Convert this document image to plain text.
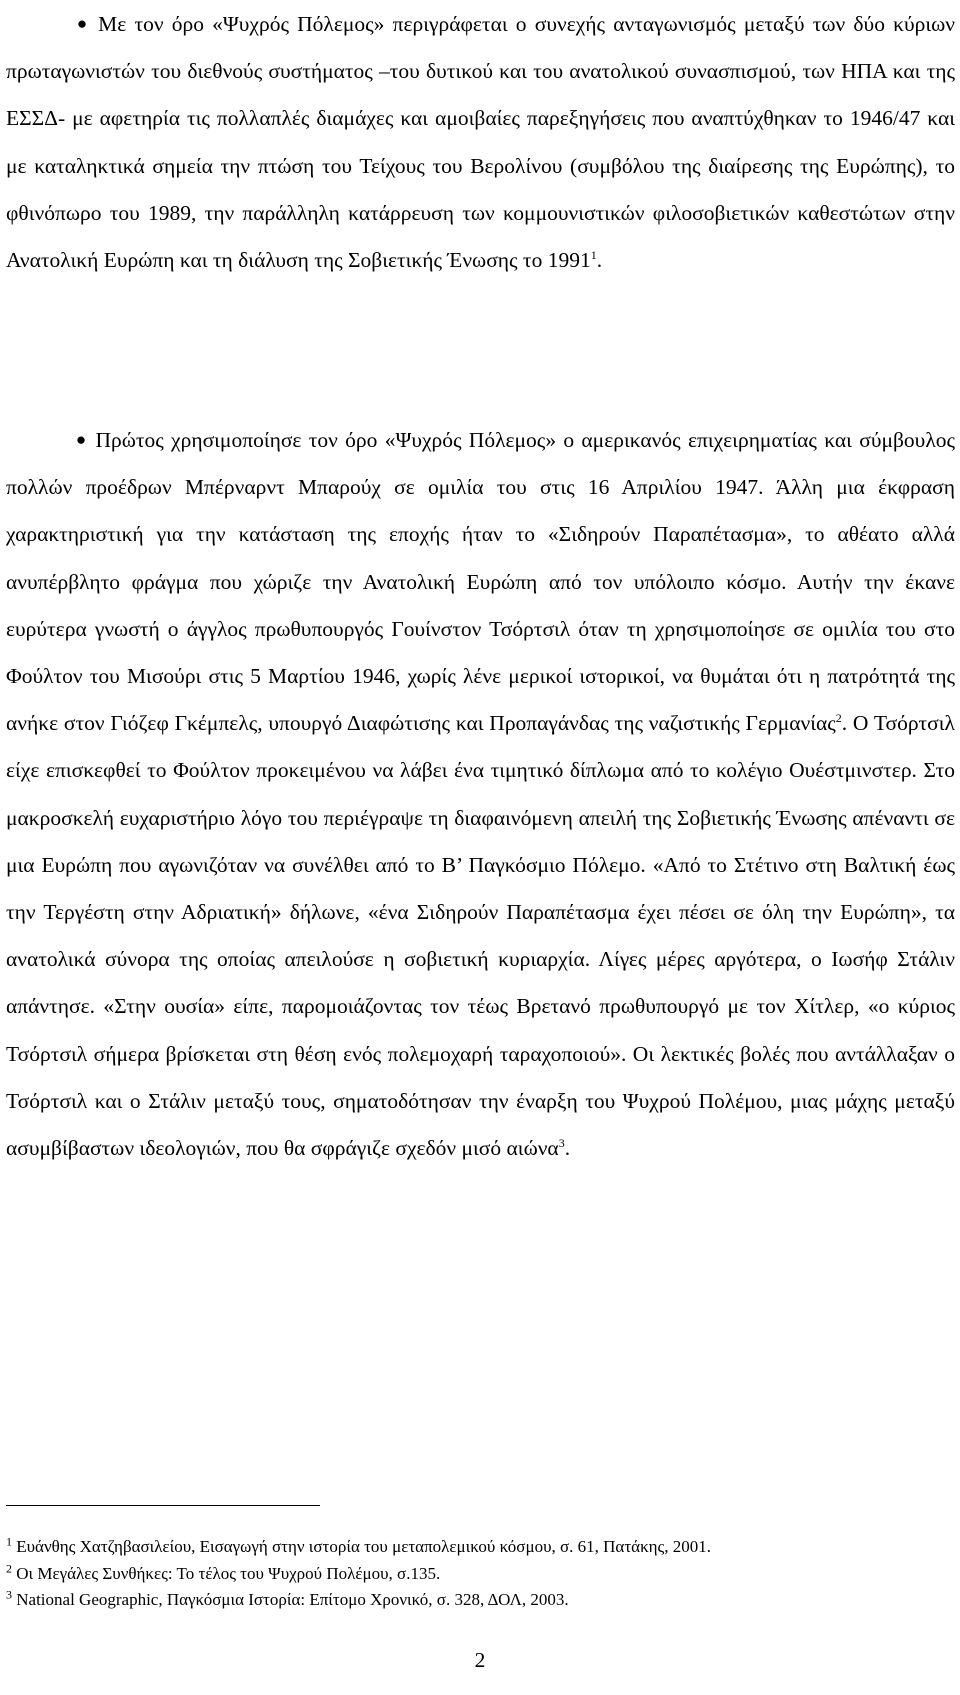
● Με τον όρο «Ψυχρός Πόλεμος» περιγράφεται ο συνεχής ανταγωνισμός μεταξύ των δύο κύριων πρωταγωνιστών του διεθνούς συστήματος –του δυτικού και του ανατολικού συνασπισμού, των ΗΠΑ και της ΕΣΣΔ- με αφετηρία τις πολλαπλές διαμάχες και αμοιβαίες παρεξηγήσεις που αναπτύχθηκαν το 1946/47 και με καταληκτικά σημεία την πτώση του Τείχους του Βερολίνου (συμβόλου της διαίρεσης της Ευρώπης), το φθινόπωρο του 1989, την παράλληλη κατάρρευση των κομμουνιστικών φιλοσοβιετικών καθεστώτων στην Ανατολική Ευρώπη και τη διάλυση της Σοβιετικής Ένωσης το 1991$^1$.

● Πρώτος χρησιμοποίησε τον όρο «Ψυχρός Πόλεμος» ο αμερικανός επιχειρηματίας και σύμβουλος πολλών προέδρων Μπέρναρντ Μπαρούχ σε ομιλία του στις 16 Απριλίου 1947. Άλλη μια έκφραση χαρακτηριστική για την κατάσταση της εποχής ήταν το «Σιδηρούν Παραπέτασμα», το αθέατο αλλά ανυπέρβλητο φράγμα που χώριζε την Ανατολική Ευρώπη από τον υπόλοιπο κόσμο. Αυτήν την έκανε ευρύτερα γνωστή ο άγγλος πρωθυπουργός Γουίνστον Τσόρτσιλ όταν τη χρησιμοποίησε σε ομιλία του στο Φούλτον του Μισούρι στις 5 Μαρτίου 1946, χωρίς λένε μερικοί ιστορικοί, να θυμάται ότι η πατρότητά της ανήκε στον Γιόζεφ Γκέμπελς, υπουργό Διαφώτισης και Προπαγάνδας της ναζιστικής Γερμανίας$^2$. Ο Τσόρτσιλ είχε επισκεφθεί το Φούλτον προκειμένου να λάβει ένα τιμητικό δίπλωμα από το κολέγιο Ουέστμινστερ. Στο μακροσκελή ευχαριστήριο λόγο του περιέγραψε τη διαφαινόμενη απειλή της Σοβιετικής Ένωσης απέναντι σε μια Ευρώπη που αγωνιζόταν να συνέλθει από το Β’ Παγκόσμιο Πόλεμο. «Από το Στέτινο στη Βαλτική έως την Τεργέστη στην Αδριατική» δήλωνε, «ένα Σιδηρούν Παραπέτασμα έχει πέσει σε όλη την Ευρώπη», τα ανατολικά σύνορα της οποίας απειλούσε η σοβιετική κυριαρχία. Λίγες μέρες αργότερα, ο Ιωσήφ Στάλιν απάντησε. «Στην ουσία» είπε, παρομοιάζοντας τον τέως Βρετανό πρωθυπουργό με τον Χίτλερ, «ο κύριος Τσόρτσιλ σήμερα βρίσκεται στη θέση ενός πολεμοχαρή ταραχοποιού». Οι λεκτικές βολές που αντάλλαξαν ο Τσόρτσιλ και ο Στάλιν μεταξύ τους, σηματοδότησαν την έναρξη του Ψυχρού Πολέμου, μιας μάχης μεταξύ ασυμβίβαστων ιδεολογιών, που θα σφράγιζε σχεδόν μισό αιώνα$^3$.

$^1$ Ευάνθης Χατζηβασιλείου, Εισαγωγή στην ιστορία του μεταπολεμικού κόσμου, σ. 61, Πατάκης, 2001.

$^2$ Οι Μεγάλες Συνθήκες: Το τέλος του Ψυχρού Πολέμου, σ.135.

$^3$ National Geographic, Παγκόσμια Ιστορία: Επίτομο Χρονικό, σ. 328, ΔΟΛ, 2003.

2
